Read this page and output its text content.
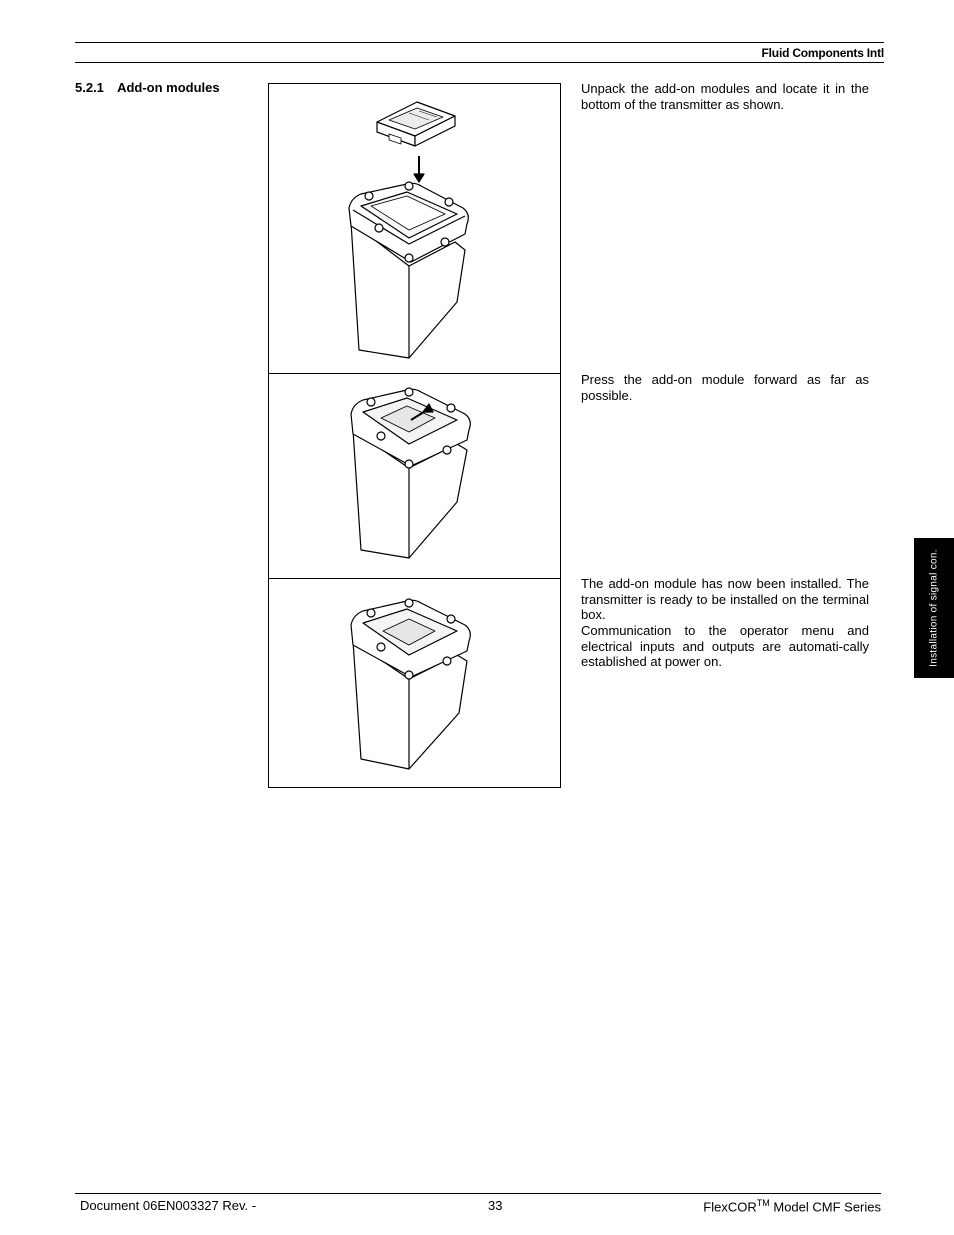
Fluid Components Intl
5.2.1 Add-on modules	Unpack the add-on modules and locate it in the bottom of the transmitter as shown.
Press the add-on module forward as far as possible.
The add-on module has now been installed. The transmitter is ready to be installed on the terminal box.
Communication to the operator menu and electrical inputs and outputs are automati-cally established at power on.	Installation of signal con.
Document 06EN003327 Rev. -	33	FlexCOR™ Model CMF Series
